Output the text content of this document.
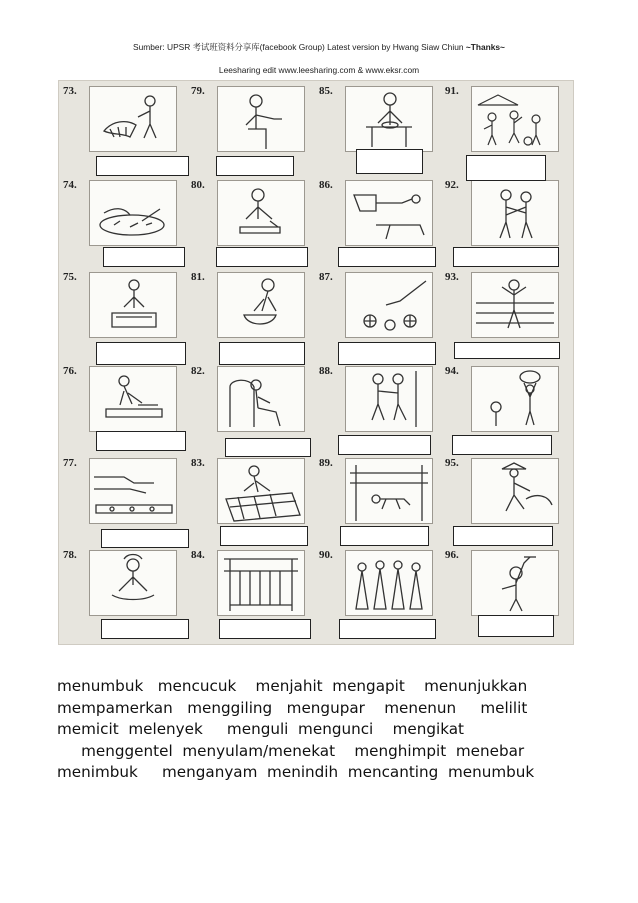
Sumber: UPSR 考试班资料分享库(facebook Group) Latest version by Hwang Siaw Chiun ~Thanks~
Leesharing edit www.leesharing.com & www.eksr.com
73.	79.	85.	91.
74.	80.	86.	92.
75.	81.	87.	93.
76.	82.	88.	94.
77.	83.	89.	95.
78.	84.	90.	96.
menumbuk   mencucuk    menjahit  mengapit    menunjukkan
mempamerkan   menggiling   mengupar    menenun     melilit
memicit  melenyek     menguli  mengunci    mengikat
menggentel  menyulam/menekat    menghimpit  menebar
menimbuk     menganyam  menindih  mencanting  menumbuk
